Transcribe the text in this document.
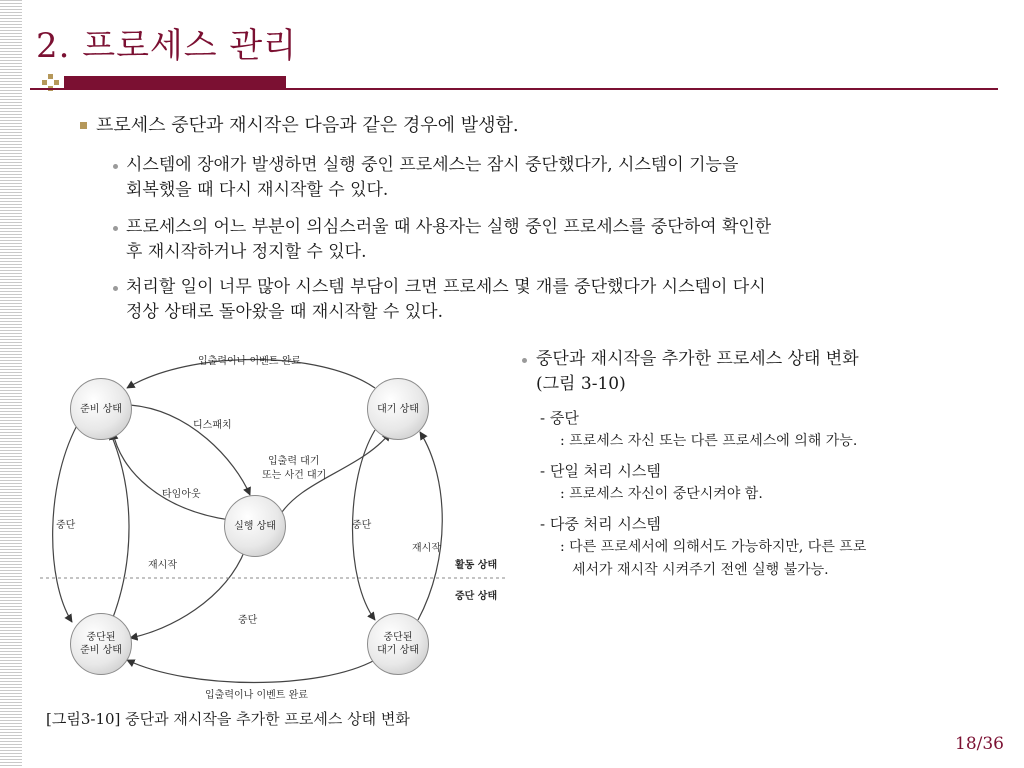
2. 프로세스 관리
프로세스 중단과 재시작은 다음과 같은 경우에 발생함.
시스템에 장애가 발생하면 실행 중인 프로세스는 잠시 중단했다가, 시스템이 기능을
회복했을 때 다시 재시작할 수 있다.
프로세스의 어느 부분이 의심스러울 때 사용자는 실행 중인 프로세스를 중단하여 확인한
후 재시작하거나 정지할 수 있다.
처리할 일이 너무 많아 시스템 부담이 크면 프로세스 몇 개를 중단했다가 시스템이 다시
정상 상태로 돌아왔을 때 재시작할 수 있다.
중단과 재시작을 추가한 프로세스 상태 변화
(그림 3-10)
- 중단
: 프로세스 자신 또는 다른 프로세스에 의해 가능.
- 단일 처리 시스템
: 프로세스 자신이 중단시켜야 함.
- 다중 처리 시스템
: 다른 프로세서에 의해서도 가능하지만, 다른 프로
세서가 재시작 시켜주기 전엔 실행 불가능.
준비 상태	대기 상태
실행 상태
중단된
준비 상태
중단된
대기 상태
입출력이나 이벤트 완료
디스패치
입출력 대기
또는 사건 대기
타임아웃
중단
재시작
중단
재시작
중단
활동 상태
중단 상태
입출력이나 이벤트 완료
[그림3-10] 중단과 재시작을 추가한 프로세스 상태 변화
18/36
